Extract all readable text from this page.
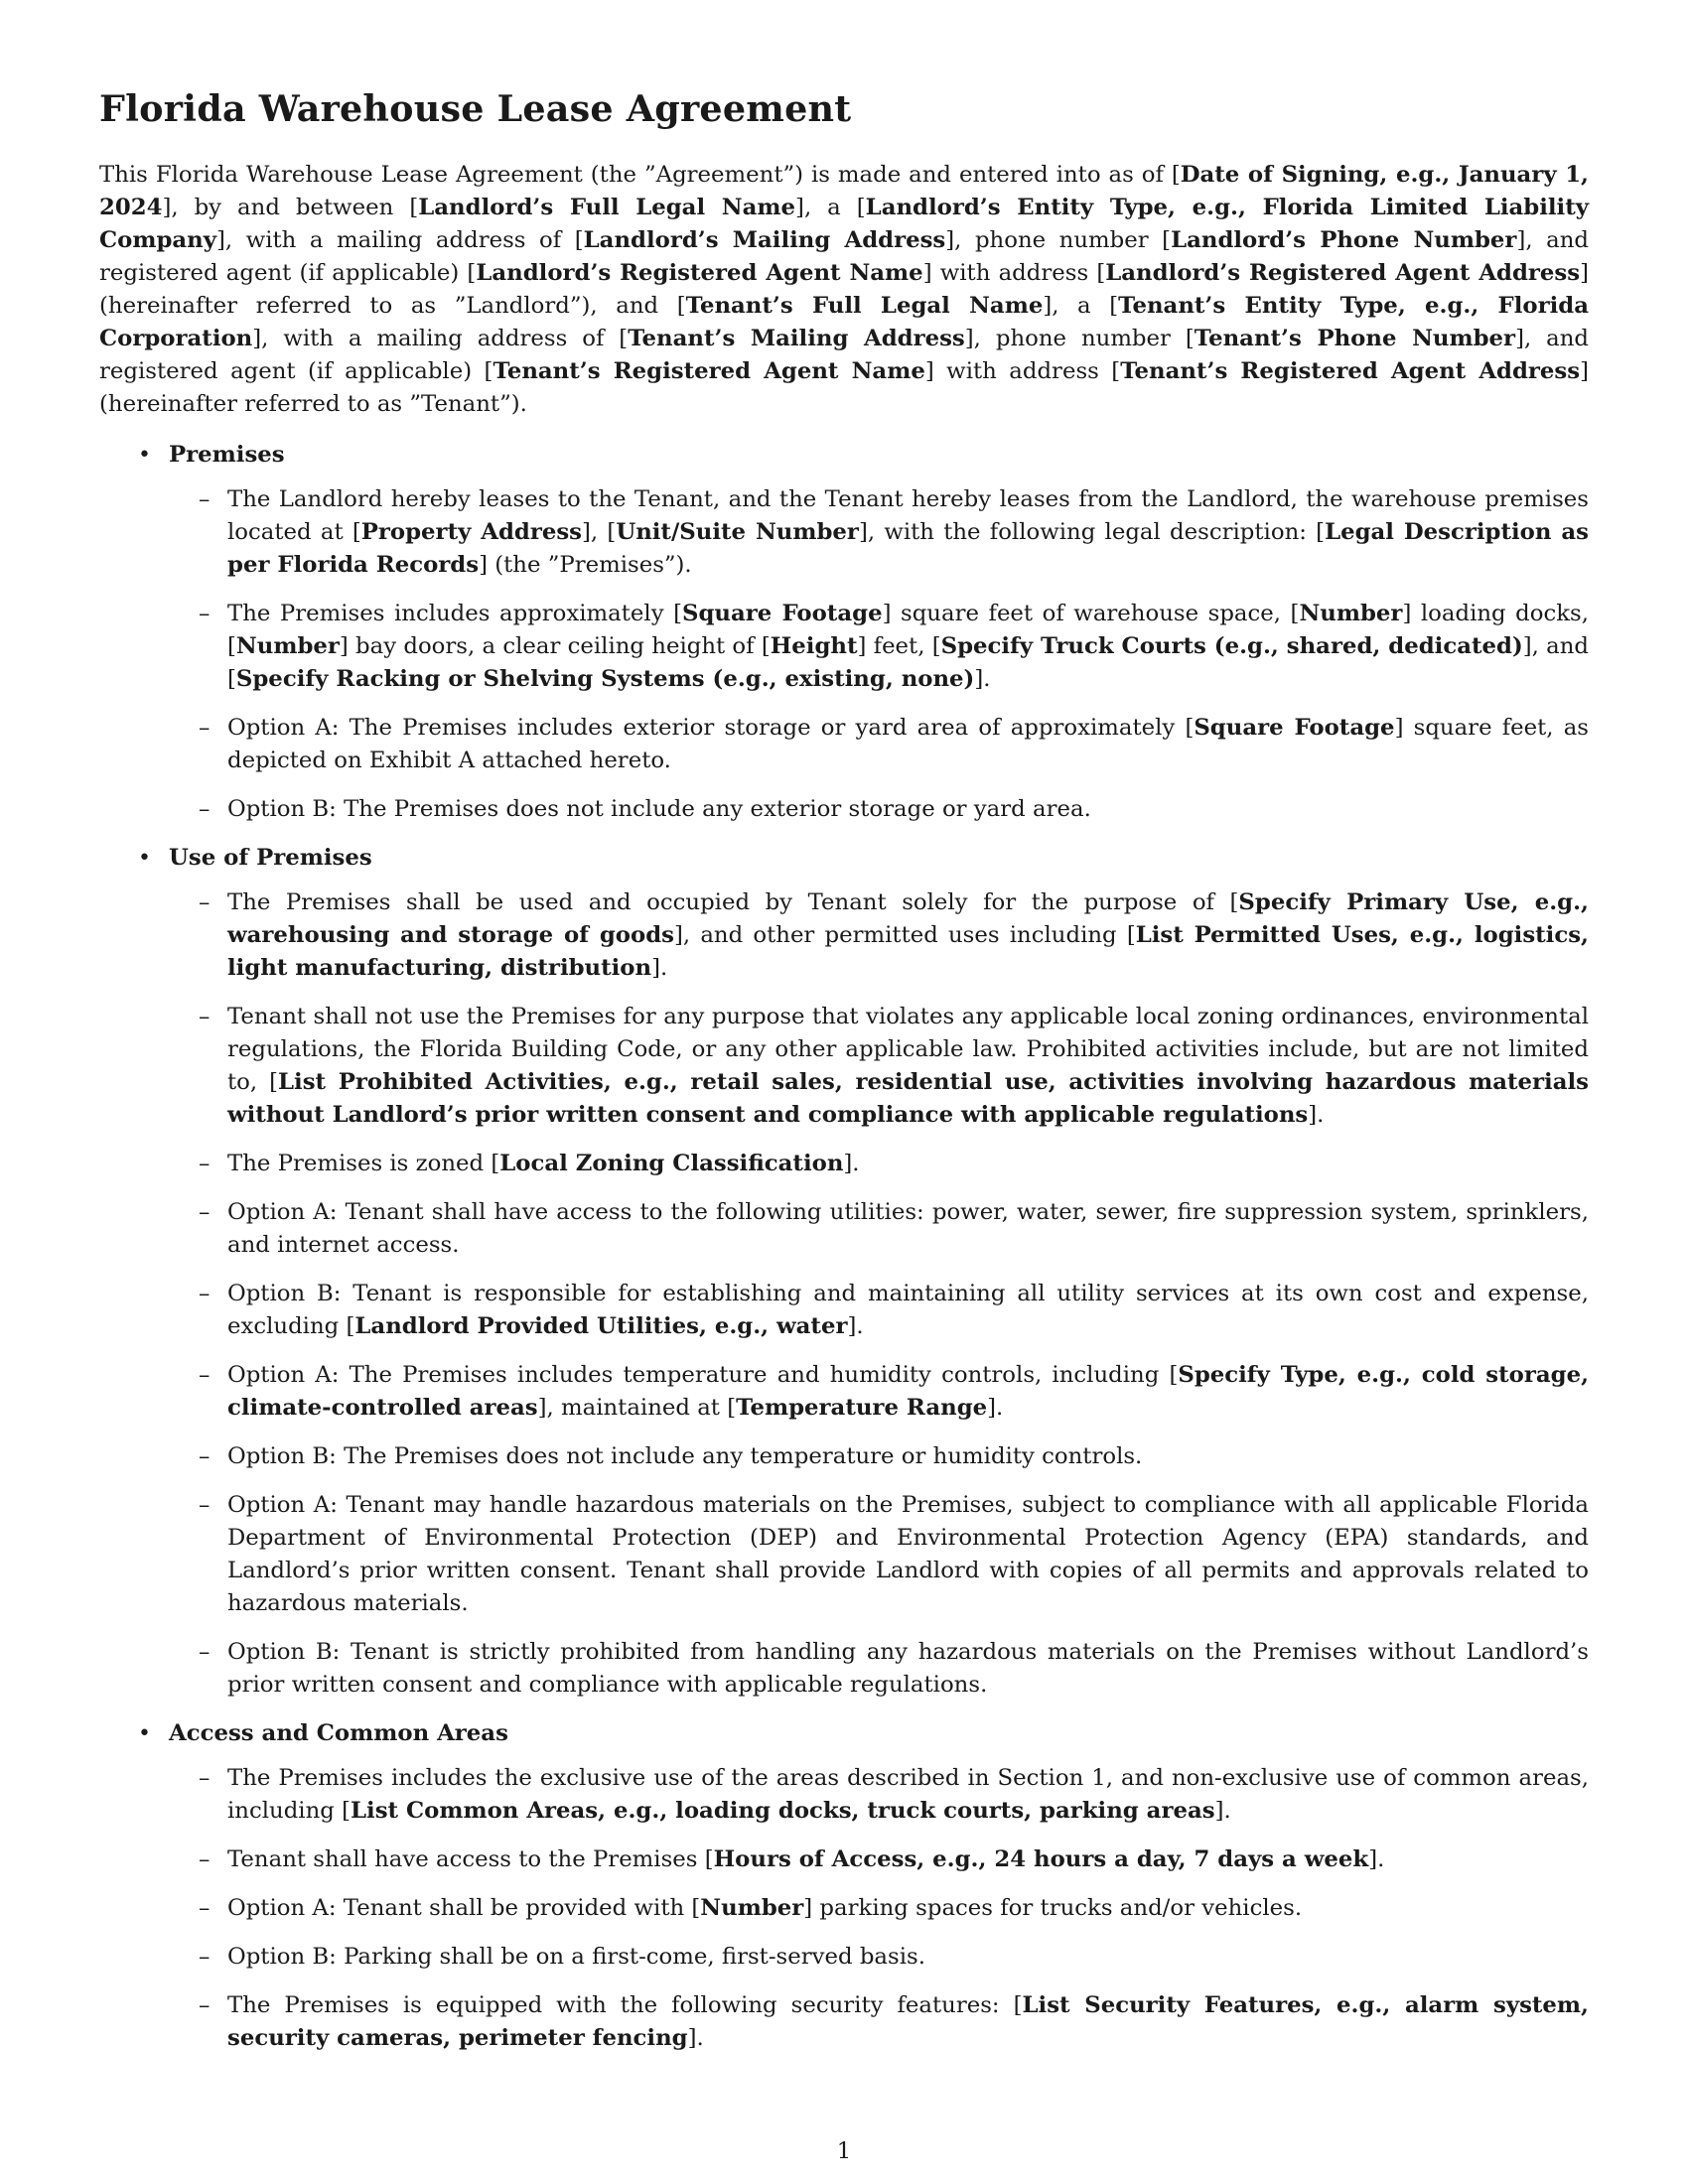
Florida Warehouse Lease Agreement

This Florida Warehouse Lease Agreement (the ”Agreement”) is made and entered into as of [Date of Signing, e.g., January 1, 2024], by and between [Landlord’s Full Legal Name], a [Landlord’s Entity Type, e.g., Florida Limited Liability Company], with a mailing address of [Landlord’s Mailing Address], phone number [Landlord’s Phone Number], and registered agent (if applicable) [Landlord’s Registered Agent Name] with address [Landlord’s Registered Agent Address] (hereinafter referred to as ”Landlord”), and [Tenant’s Full Legal Name], a [Tenant’s Entity Type, e.g., Florida Corporation], with a mailing address of [Tenant’s Mailing Address], phone number [Tenant’s Phone Number], and registered agent (if applicable) [Tenant’s Registered Agent Name] with address [Tenant’s Registered Agent Address] (hereinafter referred to as ”Tenant”).

• Premises
– The Landlord hereby leases to the Tenant, and the Tenant hereby leases from the Landlord, the warehouse premises located at [Property Address], [Unit/Suite Number], with the following legal description: [Legal Description as per Florida Records] (the ”Premises”).
– The Premises includes approximately [Square Footage] square feet of warehouse space, [Number] loading docks, [Number] bay doors, a clear ceiling height of [Height] feet, [Specify Truck Courts (e.g., shared, dedicated)], and [Specify Racking or Shelving Systems (e.g., existing, none)].
– Option A: The Premises includes exterior storage or yard area of approximately [Square Footage] square feet, as depicted on Exhibit A attached hereto.
– Option B: The Premises does not include any exterior storage or yard area.
• Use of Premises
– The Premises shall be used and occupied by Tenant solely for the purpose of [Specify Primary Use, e.g., warehousing and storage of goods], and other permitted uses including [List Permitted Uses, e.g., logistics, light manufacturing, distribution].
– Tenant shall not use the Premises for any purpose that violates any applicable local zoning ordinances, environmental regulations, the Florida Building Code, or any other applicable law. Prohibited activities include, but are not limited to, [List Prohibited Activities, e.g., retail sales, residential use, activities involving hazardous materials without Landlord’s prior written consent and compliance with applicable regulations].
– The Premises is zoned [Local Zoning Classification].
– Option A: Tenant shall have access to the following utilities: power, water, sewer, fire suppression system, sprinklers, and internet access.
– Option B: Tenant is responsible for establishing and maintaining all utility services at its own cost and expense, excluding [Landlord Provided Utilities, e.g., water].
– Option A: The Premises includes temperature and humidity controls, including [Specify Type, e.g., cold storage, climate-controlled areas], maintained at [Temperature Range].
– Option B: The Premises does not include any temperature or humidity controls.
– Option A: Tenant may handle hazardous materials on the Premises, subject to compliance with all applicable Florida Department of Environmental Protection (DEP) and Environmental Protection Agency (EPA) standards, and Landlord’s prior written consent. Tenant shall provide Landlord with copies of all permits and approvals related to hazardous materials.
– Option B: Tenant is strictly prohibited from handling any hazardous materials on the Premises without Landlord’s prior written consent and compliance with applicable regulations.
• Access and Common Areas
– The Premises includes the exclusive use of the areas described in Section 1, and non-exclusive use of common areas, including [List Common Areas, e.g., loading docks, truck courts, parking areas].
– Tenant shall have access to the Premises [Hours of Access, e.g., 24 hours a day, 7 days a week].
– Option A: Tenant shall be provided with [Number] parking spaces for trucks and/or vehicles.
– Option B: Parking shall be on a first-come, first-served basis.
– The Premises is equipped with the following security features: [List Security Features, e.g., alarm system, security cameras, perimeter fencing].
1
